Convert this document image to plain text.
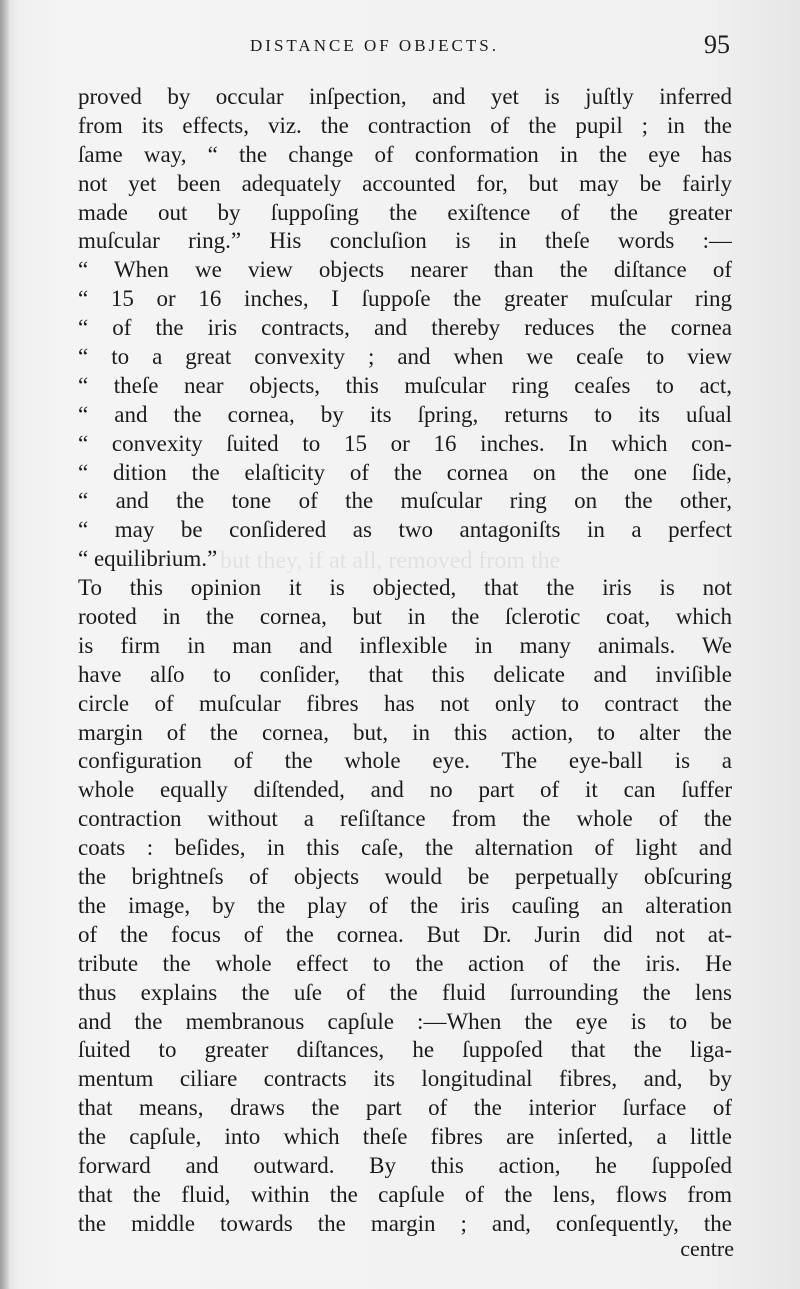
but they, if at all, removed from the
DISTANCE OF OBJECTS.	95
proved by occular inſpection, and yet is juſtly inferred
from its effects, viz. the contraction of the pupil ; in the
ſame way, “ the change of conformation in the eye has
not yet been adequately accounted for, but may be fairly
made out by ſuppoſing the exiſtence of the greater
muſcular ring.” His concluſion is in theſe words :—
“ When we view objects nearer than the diſtance of
“ 15 or 16 inches, I ſuppoſe the greater muſcular ring
“ of the iris contracts, and thereby reduces the cornea
“ to a great convexity ; and when we ceaſe to view
“ theſe near objects, this muſcular ring ceaſes to act,
“ and the cornea, by its ſpring, returns to its uſual
“ convexity ſuited to 15 or 16 inches. In which con-
“ dition the elaſticity of the cornea on the one ſide,
“ and the tone of the muſcular ring on the other,
“ may be conſidered as two antagoniſts in a perfect
“ equilibrium.”
To this opinion it is objected, that the iris is not
rooted in the cornea, but in the ſclerotic coat, which
is firm in man and inflexible in many animals. We
have alſo to conſider, that this delicate and inviſible
circle of muſcular fibres has not only to contract the
margin of the cornea, but, in this action, to alter the
configuration of the whole eye. The eye-ball is a
whole equally diſtended, and no part of it can ſuffer
contraction without a reſiſtance from the whole of the
coats : beſides, in this caſe, the alternation of light and
the brightneſs of objects would be perpetually obſcuring
the image, by the play of the iris cauſing an alteration
of the focus of the cornea. But Dr. Jurin did not at-
tribute the whole effect to the action of the iris. He
thus explains the uſe of the fluid ſurrounding the lens
and the membranous capſule :—When the eye is to be
ſuited to greater diſtances, he ſuppoſed that the liga-
mentum ciliare contracts its longitudinal fibres, and, by
that means, draws the part of the interior ſurface of
the capſule, into which theſe fibres are inſerted, a little
forward and outward. By this action, he ſuppoſed
that the fluid, within the capſule of the lens, flows from
the middle towards the margin ; and, conſequently, the
centre
